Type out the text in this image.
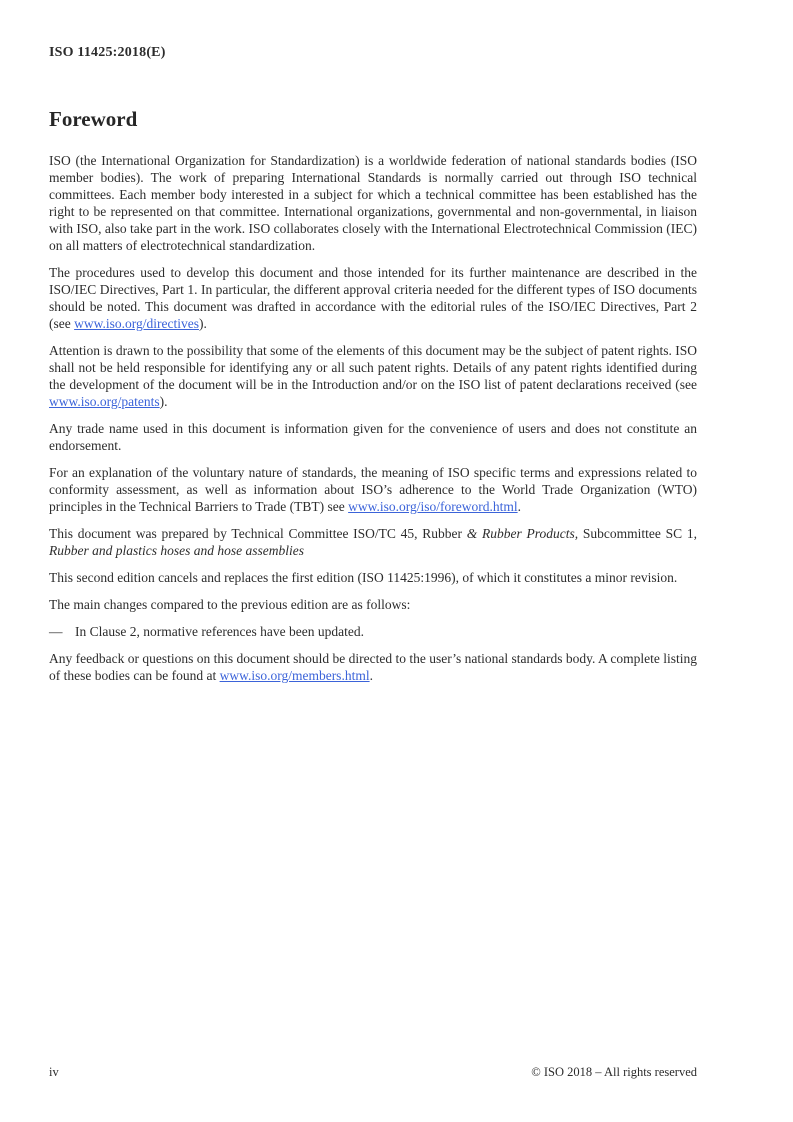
ISO 11425:2018(E)
Foreword

ISO (the International Organization for Standardization) is a worldwide federation of national standards bodies (ISO member bodies). The work of preparing International Standards is normally carried out through ISO technical committees. Each member body interested in a subject for which a technical committee has been established has the right to be represented on that committee. International organizations, governmental and non-governmental, in liaison with ISO, also take part in the work. ISO collaborates closely with the International Electrotechnical Commission (IEC) on all matters of electrotechnical standardization.

The procedures used to develop this document and those intended for its further maintenance are described in the ISO/IEC Directives, Part 1. In particular, the different approval criteria needed for the different types of ISO documents should be noted. This document was drafted in accordance with the editorial rules of the ISO/IEC Directives, Part 2 (see www.iso.org/directives).

Attention is drawn to the possibility that some of the elements of this document may be the subject of patent rights. ISO shall not be held responsible for identifying any or all such patent rights. Details of any patent rights identified during the development of the document will be in the Introduction and/or on the ISO list of patent declarations received (see www.iso.org/patents).

Any trade name used in this document is information given for the convenience of users and does not constitute an endorsement.

For an explanation of the voluntary nature of standards, the meaning of ISO specific terms and expressions related to conformity assessment, as well as information about ISO’s adherence to the World Trade Organization (WTO) principles in the Technical Barriers to Trade (TBT) see www.iso.org/iso/foreword.html.

This document was prepared by Technical Committee ISO/TC 45, Rubber & Rubber Products, Subcommittee SC 1, Rubber and plastics hoses and hose assemblies

This second edition cancels and replaces the first edition (ISO 11425:1996), of which it constitutes a minor revision.

The main changes compared to the previous edition are as follows:

— In Clause 2, normative references have been updated.

Any feedback or questions on this document should be directed to the user’s national standards body. A complete listing of these bodies can be found at www.iso.org/members.html.

iv	© ISO 2018 – All rights reserved
